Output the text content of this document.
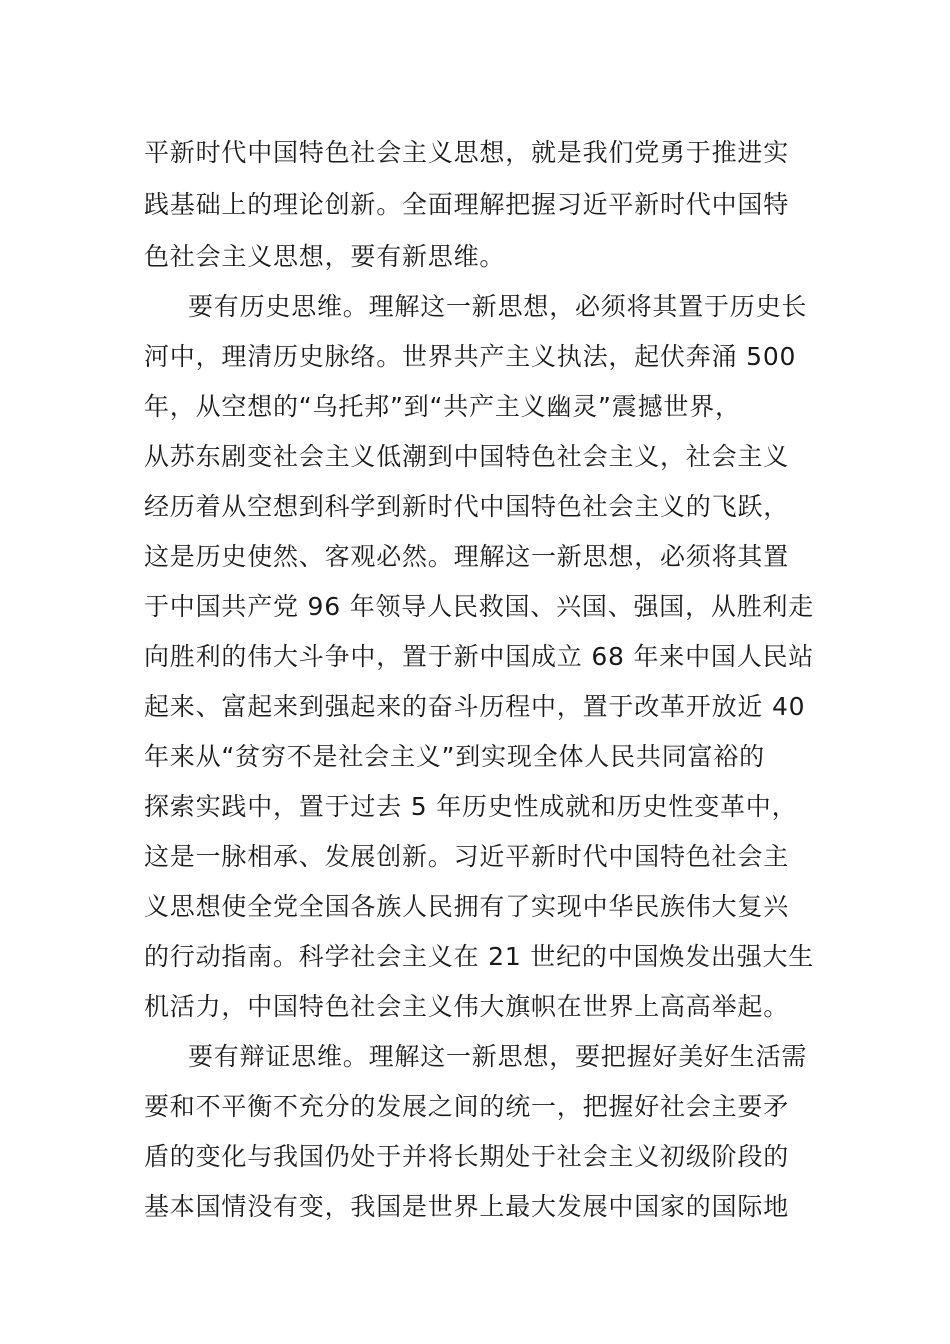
平新时代中国特色社会主义思想，就是我们党勇于推进实
践基础上的理论创新。全面理解把握习近平新时代中国特
色社会主义思想，要有新思维。
要有历史思维。理解这一新思想，必须将其置于历史长
河中，理清历史脉络。世界共产主义执法，起伏奔涌 500
年，从空想的“乌托邦”到“共产主义幽灵”震撼世界，
从苏东剧变社会主义低潮到中国特色社会主义，社会主义
经历着从空想到科学到新时代中国特色社会主义的飞跃，
这是历史使然、客观必然。理解这一新思想，必须将其置
于中国共产党 96 年领导人民救国、兴国、强国，从胜利走
向胜利的伟大斗争中，置于新中国成立 68 年来中国人民站
起来、富起来到强起来的奋斗历程中，置于改革开放近 40
年来从“贫穷不是社会主义”到实现全体人民共同富裕的
探索实践中，置于过去 5 年历史性成就和历史性变革中，
这是一脉相承、发展创新。习近平新时代中国特色社会主
义思想使全党全国各族人民拥有了实现中华民族伟大复兴
的行动指南。科学社会主义在 21 世纪的中国焕发出强大生
机活力，中国特色社会主义伟大旗帜在世界上高高举起。
要有辩证思维。理解这一新思想，要把握好美好生活需
要和不平衡不充分的发展之间的统一，把握好社会主要矛
盾的变化与我国仍处于并将长期处于社会主义初级阶段的
基本国情没有变，我国是世界上最大发展中国家的国际地
